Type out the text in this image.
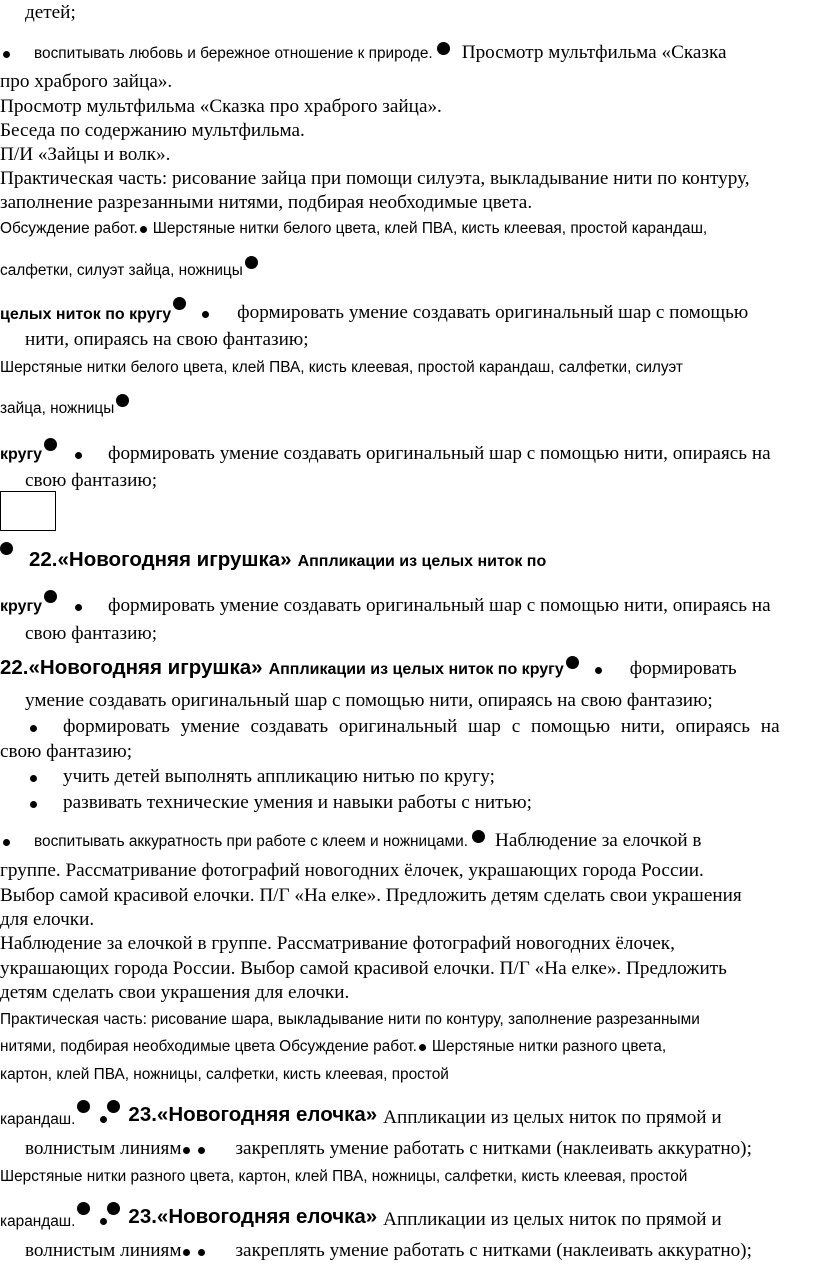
детей;
воспитывать любовь и бережное отношение к природе. Просмотр мультфильма «Сказка
про храброго зайца».
Просмотр мультфильма «Сказка про храброго зайца».
Беседа по содержанию мультфильма.
П/И «Зайцы и волк».
Практическая часть: рисование зайца при помощи силуэта, выкладывание нити по контуру,
заполнение разрезанными нитями, подбирая необходимые цвета.
Обсуждение работ. Шерстяные нитки белого цвета, клей ПВА, кисть клеевая, простой карандаш,
салфетки, силуэт зайца, ножницы
целых ниток по кругу	формировать умение создавать оригинальный шар с помощью
нити, опираясь на свою фантазию;
Шерстяные нитки белого цвета, клей ПВА, кисть клеевая, простой карандаш, салфетки, силуэт
зайца, ножницы
кругу	формировать умение создавать оригинальный шар с помощью нити, опираясь на
свою фантазию;
22.«Новогодняя игрушка» Аппликации из целых ниток по
кругу	формировать умение создавать оригинальный шар с помощью нити, опираясь на
свою фантазию;
22.«Новогодняя игрушка» Аппликации из целых ниток по кругу	формировать
умение создавать оригинальный шар с помощью нити, опираясь на свою фантазию;
формировать умение создавать оригинальный шар с помощью нити, опираясь на
свою фантазию;
учить детей выполнять аппликацию нитью по кругу;
развивать технические умения и навыки работы с нитью;
воспитывать аккуратность при работе с клеем и ножницами. Наблюдение за елочкой в
группе. Рассматривание фотографий новогодних ёлочек, украшающих города России.
Выбор самой красивой елочки. П/Г «На елке». Предложить детям сделать свои украшения
для елочки.
Наблюдение за елочкой в группе. Рассматривание фотографий новогодних ёлочек,
украшающих города России. Выбор самой красивой елочки. П/Г «На елке». Предложить
детям сделать свои украшения для елочки.
Практическая часть: рисование шара, выкладывание нити по контуру, заполнение разрезанными
нитями, подбирая необходимые цвета Обсуждение работ. Шерстяные нитки разного цвета,
картон, клей ПВА, ножницы, салфетки, кисть клеевая, простой
карандаш.	23.«Новогодняя елочка» Аппликации из целых ниток по прямой и
волнистым линиям	закреплять умение работать с нитками (наклеивать аккуратно);
Шерстяные нитки разного цвета, картон, клей ПВА, ножницы, салфетки, кисть клеевая, простой
карандаш.	23.«Новогодняя елочка» Аппликации из целых ниток по прямой и
волнистым линиям	закреплять умение работать с нитками (наклеивать аккуратно);
